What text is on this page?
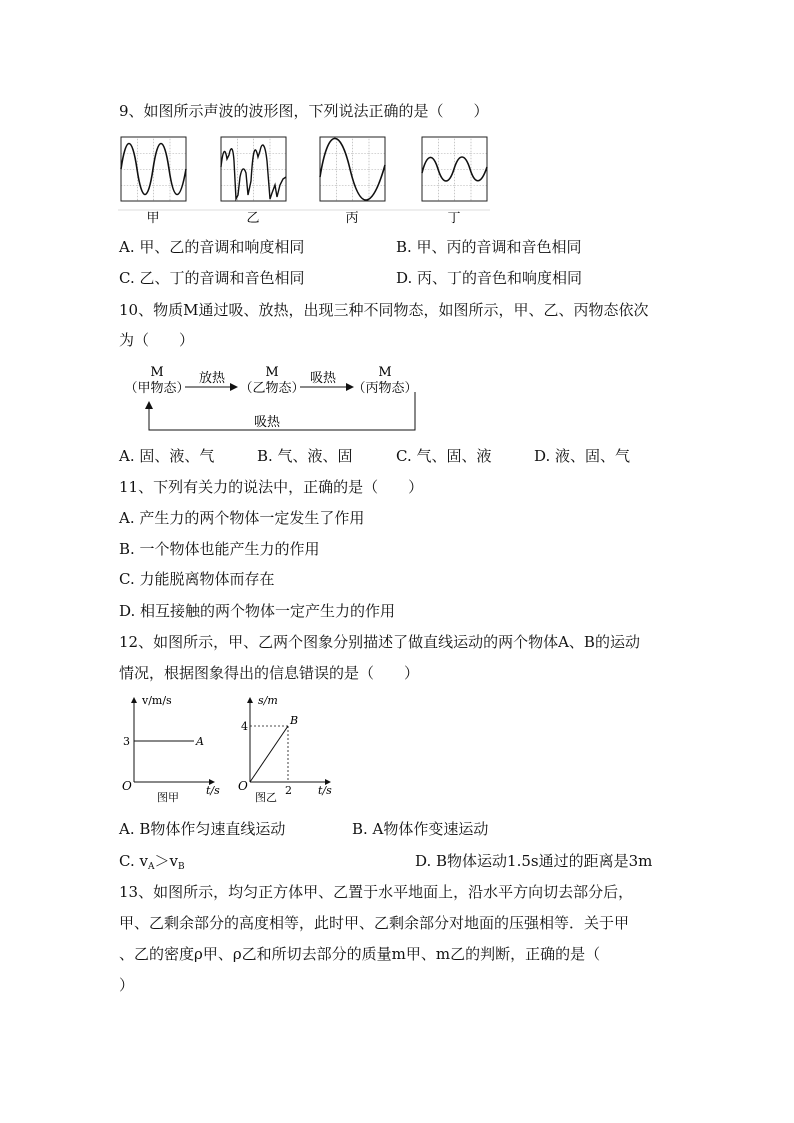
9、如图所示声波的波形图，下列说法正确的是（　　）
甲	乙	丙	丁
A. 甲、乙的音调和响度相同	B. 甲、丙的音调和音色相同
C. 乙、丁的音调和音色相同	D. 丙、丁的音色和响度相同
10、物质M通过吸、放热，出现三种不同物态，如图所示，甲、乙、丙物态依次
为（　　）
M
（甲物态）
M
（乙物态）
M
（丙物态）
放热	吸热
吸热
A. 固、液、气	B. 气、液、固	C. 气、固、液	D. 液、固、气
11、下列有关力的说法中，正确的是（　　）
A. 产生力的两个物体一定发生了作用
B. 一个物体也能产生力的作用
C. 力能脱离物体而存在
D. 相互接触的两个物体一定产生力的作用
12、如图所示，甲、乙两个图象分别描述了做直线运动的两个物体A、B的运动
情况，根据图象得出的信息错误的是（　　）
v/m/s
3	A
O
图甲
t/s
s/m
4	B
O
图乙
2 t/s
A. B物体作匀速直线运动	B. A物体作变速运动
C. $v_A>v_B$	D. B物体运动1.5s通过的距离是3m
13、如图所示，均匀正方体甲、乙置于水平地面上，沿水平方向切去部分后，
甲、乙剩余部分的高度相等，此时甲、乙剩余部分对地面的压强相等．关于甲
、乙的密度ρ甲、ρ乙和所切去部分的质量m甲、m乙的判断，正确的是（
）
